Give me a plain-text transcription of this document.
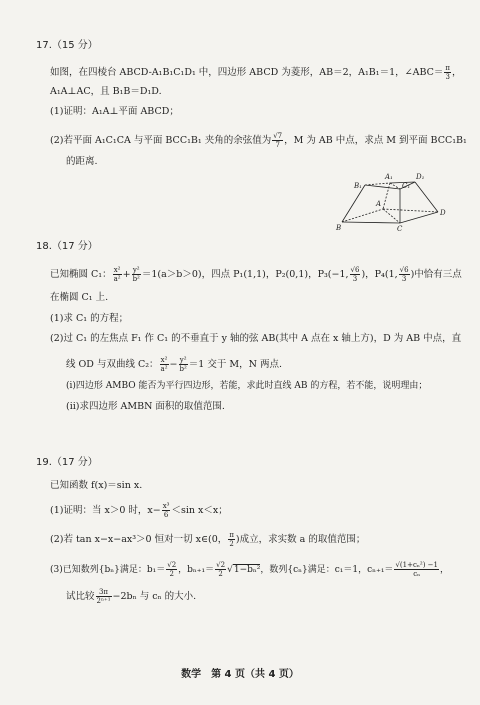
17.（15 分）
如图，在四棱台 ABCD-A₁B₁C₁D₁ 中，四边形 ABCD 为菱形，AB＝2，A₁B₁＝1，∠ABC＝ $\frac{\pi}{3}$ ，
A₁A⊥AC，且 B₁B＝D₁D.
(1)证明：A₁A⊥平面 ABCD；
(2)若平面 A₁C₁CA 与平面 BCC₁B₁ 夹角的余弦值为 $\frac{√7}{7}$ ，M 为 AB 中点，求点 M 到平面 BCC₁B₁
的距离.
A₁	D₁
B₁	C₁
A
B	C
D
18.（17 分）
已知椭圆 C₁： $\frac{\text{x²}}{\text{a²}} + \frac{\text{y²}}{\text{b²}} =1(a>b>0)$，四点 P₁(1,1)，P₂(0,1)，P₃(−1, $\frac{√6}{3}$ )，P₄(1, $\frac{√6}{3}$ )中恰有三点
在椭圆 C₁ 上.
(1)求 C₁ 的方程；
(2)过 C₁ 的左焦点 F₁ 作 C₁ 的不垂直于 y 轴的弦 AB(其中 A 点在 x 轴上方)，D 为 AB 中点，直
线 OD 与双曲线 C₂： $\frac{\text{x²}}{\text{a²}} - \frac{\text{y²}}{\text{b²}} =1$ 交于 M，N 两点.
(ⅰ)四边形 AMBO 能否为平行四边形，若能，求此时直线 AB 的方程，若不能，说明理由；
(ⅱ)求四边形 AMBN 面积的取值范围.
19.（17 分）
已知函数 f(x)＝sin x.
(1)证明：当 x＞0 时，$x- \frac{\text{x³}}{6} <\sin$ x＜x；
(2)若 tan x−x−ax³＞0 恒对一切 x∈(0， $\frac{\pi}{2}$ )成立，求实数 a 的取值范围；
(3)已知数列{bₙ}满足：$b_1= \frac{√2}{2}$ ，$b_{n+1}= \frac{√2}{2} √1-b_n^2$，数列{cₙ}满足：c₁＝1，$c_{n+1}= \frac{\text{√(1+cₙ²) −1}}{\text{cₙ}}$ ，
试比较 $\frac{3\pi}{\text{2ⁿ⁺¹}} -2b_n$ 与 cₙ 的大小.
数学　第 4 页（共 4 页）
